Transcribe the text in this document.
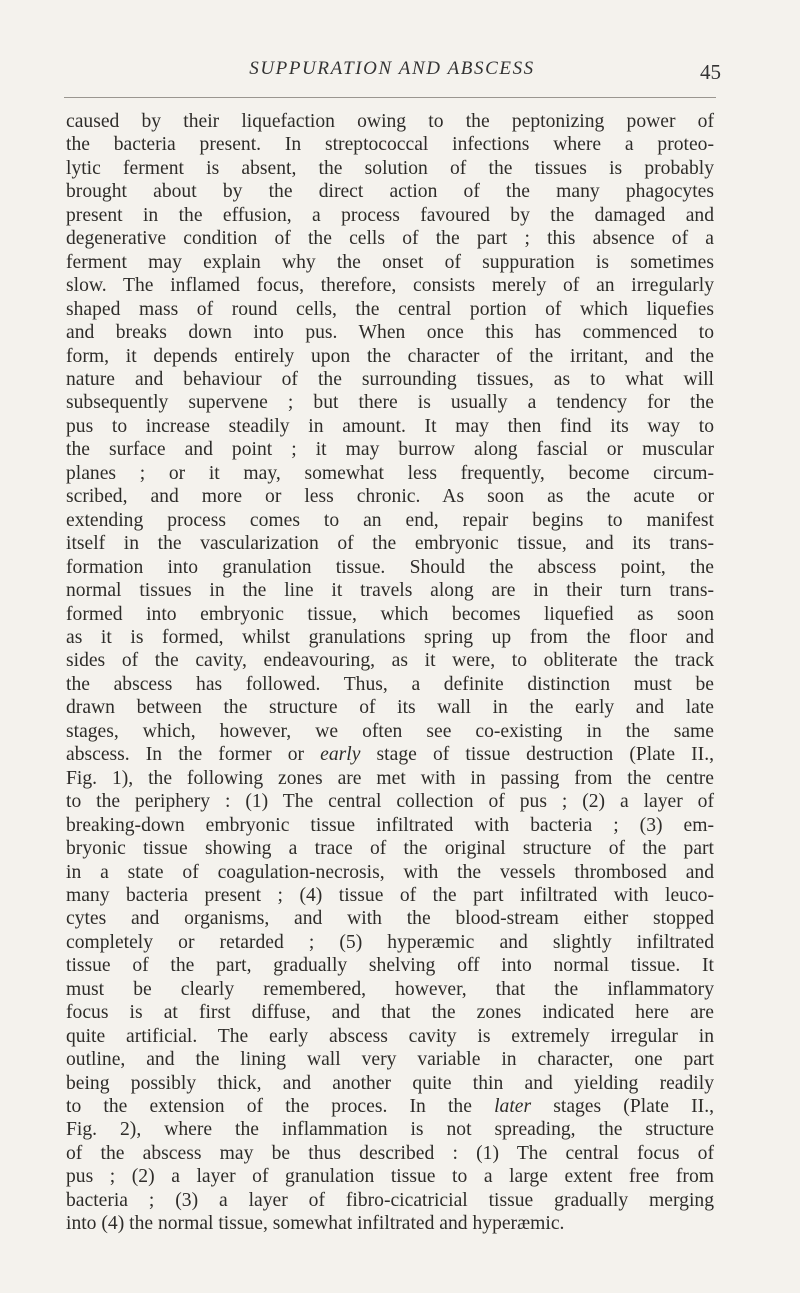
SUPPURATION AND ABSCESS	45
caused by their liquefaction owing to the peptonizing power of
the bacteria present. In streptococcal infections where a proteo-
lytic ferment is absent, the solution of the tissues is probably
brought about by the direct action of the many phagocytes
present in the effusion, a process favoured by the damaged and
degenerative condition of the cells of the part ; this absence of a
ferment may explain why the onset of suppuration is sometimes
slow. The inflamed focus, therefore, consists merely of an irregularly
shaped mass of round cells, the central portion of which liquefies
and breaks down into pus. When once this has commenced to
form, it depends entirely upon the character of the irritant, and the
nature and behaviour of the surrounding tissues, as to what will
subsequently supervene ; but there is usually a tendency for the
pus to increase steadily in amount. It may then find its way to
the surface and point ; it may burrow along fascial or muscular
planes ; or it may, somewhat less frequently, become circum-
scribed, and more or less chronic. As soon as the acute or
extending process comes to an end, repair begins to manifest
itself in the vascularization of the embryonic tissue, and its trans-
formation into granulation tissue. Should the abscess point, the
normal tissues in the line it travels along are in their turn trans-
formed into embryonic tissue, which becomes liquefied as soon
as it is formed, whilst granulations spring up from the floor and
sides of the cavity, endeavouring, as it were, to obliterate the track
the abscess has followed. Thus, a definite distinction must be
drawn between the structure of its wall in the early and late
stages, which, however, we often see co-existing in the same
abscess. In the former or early stage of tissue destruction (Plate II.,
Fig. 1), the following zones are met with in passing from the centre
to the periphery : (1) The central collection of pus ; (2) a layer of
breaking-down embryonic tissue infiltrated with bacteria ; (3) em-
bryonic tissue showing a trace of the original structure of the part
in a state of coagulation-necrosis, with the vessels thrombosed and
many bacteria present ; (4) tissue of the part infiltrated with leuco-
cytes and organisms, and with the blood-stream either stopped
completely or retarded ; (5) hyperæmic and slightly infiltrated
tissue of the part, gradually shelving off into normal tissue. It
must be clearly remembered, however, that the inflammatory
focus is at first diffuse, and that the zones indicated here are
quite artificial. The early abscess cavity is extremely irregular in
outline, and the lining wall very variable in character, one part
being possibly thick, and another quite thin and yielding readily
to the extension of the proces. In the later stages (Plate II.,
Fig. 2), where the inflammation is not spreading, the structure
of the abscess may be thus described : (1) The central focus of
pus ; (2) a layer of granulation tissue to a large extent free from
bacteria ; (3) a layer of fibro-cicatricial tissue gradually merging
into (4) the normal tissue, somewhat infiltrated and hyperæmic.
